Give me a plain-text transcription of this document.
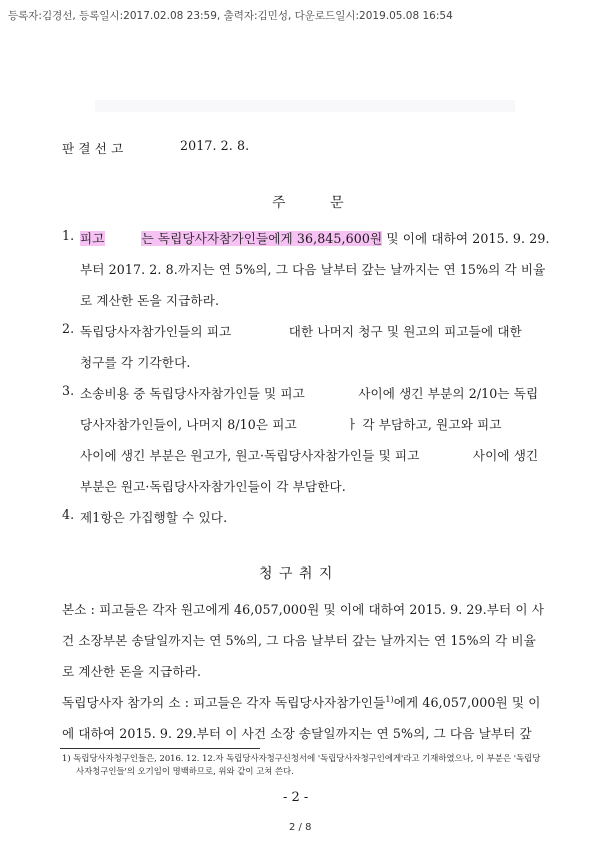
등록자:김경선, 등록일시:2017.02.08 23:59, 출력자:김민성, 다운로드일시:2019.05.08 16:54
판 결 선 고	2017. 2. 8.
주        문
1. 피고	는 독립당사자참가인들에게 36,845,600원 및 이에 대하여 2015. 9. 29.
부터 2017. 2. 8.까지는 연 5%의, 그 다음 날부터 갚는 날까지는 연 15%의 각 비율
로 계산한 돈을 지급하라.
2. 독립당사자참가인들의 피고              대한 나머지 청구 및 원고의 피고들에 대한
청구를 각 기각한다.
3. 소송비용 중 독립당사자참가인들 및 피고             사이에 생긴 부분의 2/10는 독립
당사자참가인들이, 나머지 8/10은 피고            ㅏ 각 부담하고, 원고와 피고
사이에 생긴 부분은 원고가, 원고·독립당사자참가인들 및 피고             사이에 생긴
부분은 원고·독립당사자참가인들이 각 부담한다.
4. 제1항은 가집행할 수 있다.
청 구 취 지
본소 : 피고들은 각자 원고에게 46,057,000원 및 이에 대하여 2015. 9. 29.부터 이 사
건 소장부본 송달일까지는 연 5%의, 그 다음 날부터 갚는 날까지는 연 15%의 각 비율
로 계산한 돈을 지급하라.
독립당사자 참가의 소 : 피고들은 각자 독립당사자참가인들$^{1)}$에게 46,057,000원 및 이
에 대하여 2015. 9. 29.부터 이 사건 소장 송달일까지는 연 5%의, 그 다음 날부터 갚
1) 독립당사자청구인들은, 2016. 12. 12.자 독립당사자청구신청서에 '독립당사자청구인에게'라고 기재하였으나, 이 부분은 '독립당
사자청구인들'의 오기임이 명백하므로, 위와 같이 고쳐 쓴다.
- 2 -
2 / 8
